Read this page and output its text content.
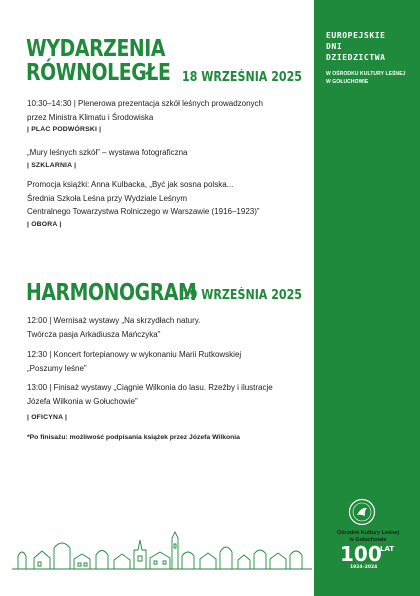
WYDARZENIA
RÓWNOLEGŁE 18 WRZEŚNIA 2025
10:30–14:30 | Plenerowa prezentacja szkół leśnych prowadzonych
przez Ministra Klimatu i Środowiska
| PLAC PODWÓRSKI |
„Mury leśnych szkół” – wystawa fotograficzna
| SZKLARNIA |
Promocja książki: Anna Kulbacka, „Być jak sosna polska...
Średnia Szkoła Leśna przy Wydziale Leśnym
Centralnego Towarzystwa Rolniczego w Warszawie (1916–1923)”
| OBORA |
HARMONOGRAM
19 WRZEŚNIA 2025
12:00 | Wernisaż wystawy „Na skrzydłach natury.
Twórcza pasja Arkadiusza Mańczyka”
12:30 | Koncert fortepianowy w wykonaniu Marii Rutkowskiej
„Poszumy leśne”
13:00 | Finisaż wystawy „Ciągnie Wilkonia do lasu. Rzeźby i ilustracje
Józefa Wilkonia w Gołuchowie”
| OFICYNA |
*Po finisażu: możliwość podpisania książek przez Józefa Wilkonia
EUROPEJSKIE
DNI
DZIEDZICTWA
W OŚRODKU KULTURY LEŚNEJ
W GOŁUCHOWIE
Ośrodek Kultury Leśnej
w Gołuchowie
100
LAT
1924–2024
